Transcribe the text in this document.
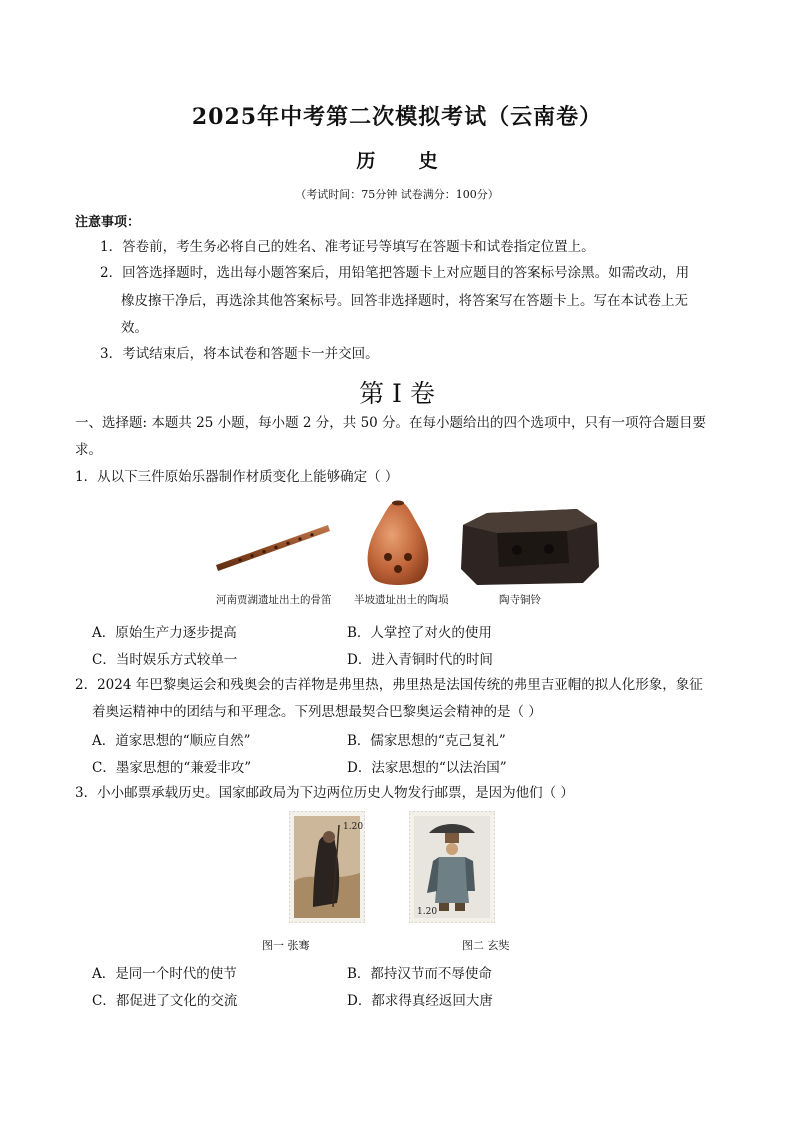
2025年中考第二次模拟考试（云南卷）
历 史
（考试时间：75分钟 试卷满分：100分）
注意事项：
1．答卷前，考生务必将自己的姓名、准考证号等填写在答题卡和试卷指定位置上。
2．回答选择题时，选出每小题答案后，用铅笔把答题卡上对应题目的答案标号涂黑。如需改动，用
橡皮擦干净后，再选涂其他答案标号。回答非选择题时，将答案写在答题卡上。写在本试卷上无
效。
3．考试结束后，将本试卷和答题卡一并交回。
第 I 卷
一、选择题: 本题共 25 小题，每小题 2 分，共 50 分。在每小题给出的四个选项中，只有一项符合题目要
求。
1．从以下三件原始乐器制作材质变化上能够确定（ ）
河南贾湖遗址出土的骨笛 半坡遗址出土的陶埙	陶寺铜铃
A．原始生产力逐步提高	B．人掌控了对火的使用
C．当时娱乐方式较单一	D．进入青铜时代的时间
2．2024 年巴黎奥运会和残奥会的吉祥物是弗里热，弗里热是法国传统的弗里吉亚帽的拟人化形象，象征
着奥运精神中的团结与和平理念。下列思想最契合巴黎奥运会精神的是（ ）
A．道家思想的“顺应自然”	B．儒家思想的“克己复礼”
C．墨家思想的“兼爱非攻”	D．法家思想的“以法治国”
3．小小邮票承载历史。国家邮政局为下边两位历史人物发行邮票，是因为他们（ ）
1.20
1.20
图一 张骞	图二 玄奘
A．是同一个时代的使节	B．都持汉节而不辱使命
C．都促进了文化的交流	D．都求得真经返回大唐
